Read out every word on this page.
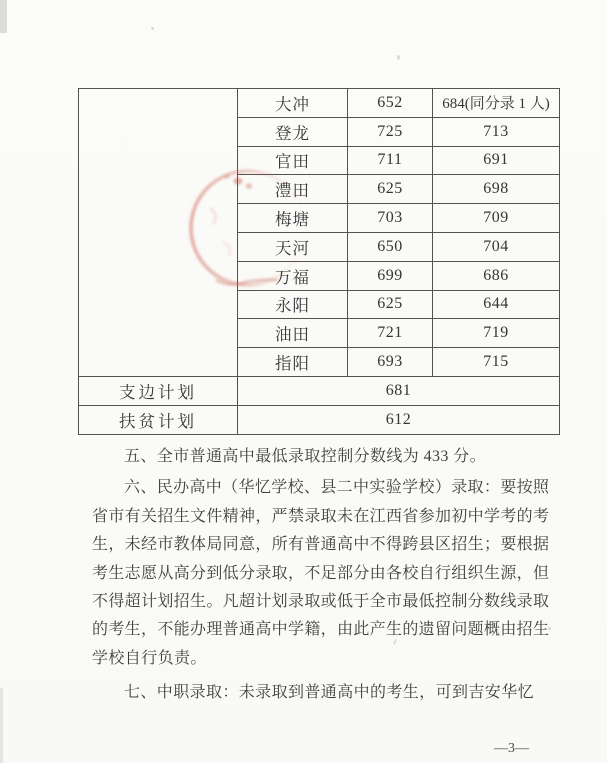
	大冲	652	684(同分录 1 人)
	登龙	725	713
	官田	711	691
	澧田	625	698
	梅塘	703	709
	天河	650	704
	万福	699	686
	永阳	625	644
	油田	721	719
	指阳	693	715
支边计划	681		
扶贫计划	612		
五、全市普通高中最低录取控制分数线为 433 分。
六、民办高中（华忆学校、县二中实验学校）录取：要按照
省市有关招生文件精神，严禁录取未在江西省参加初中学考的考
生，未经市教体局同意，所有普通高中不得跨县区招生；要根据
考生志愿从高分到低分录取，不足部分由各校自行组织生源，但
不得超计划招生。凡超计划录取或低于全市最低控制分数线录取
的考生，不能办理普通高中学籍，由此产生的遗留问题概由招生
学校自行负责。
七、中职录取：未录取到普通高中的考生，可到吉安华忆
—3—
